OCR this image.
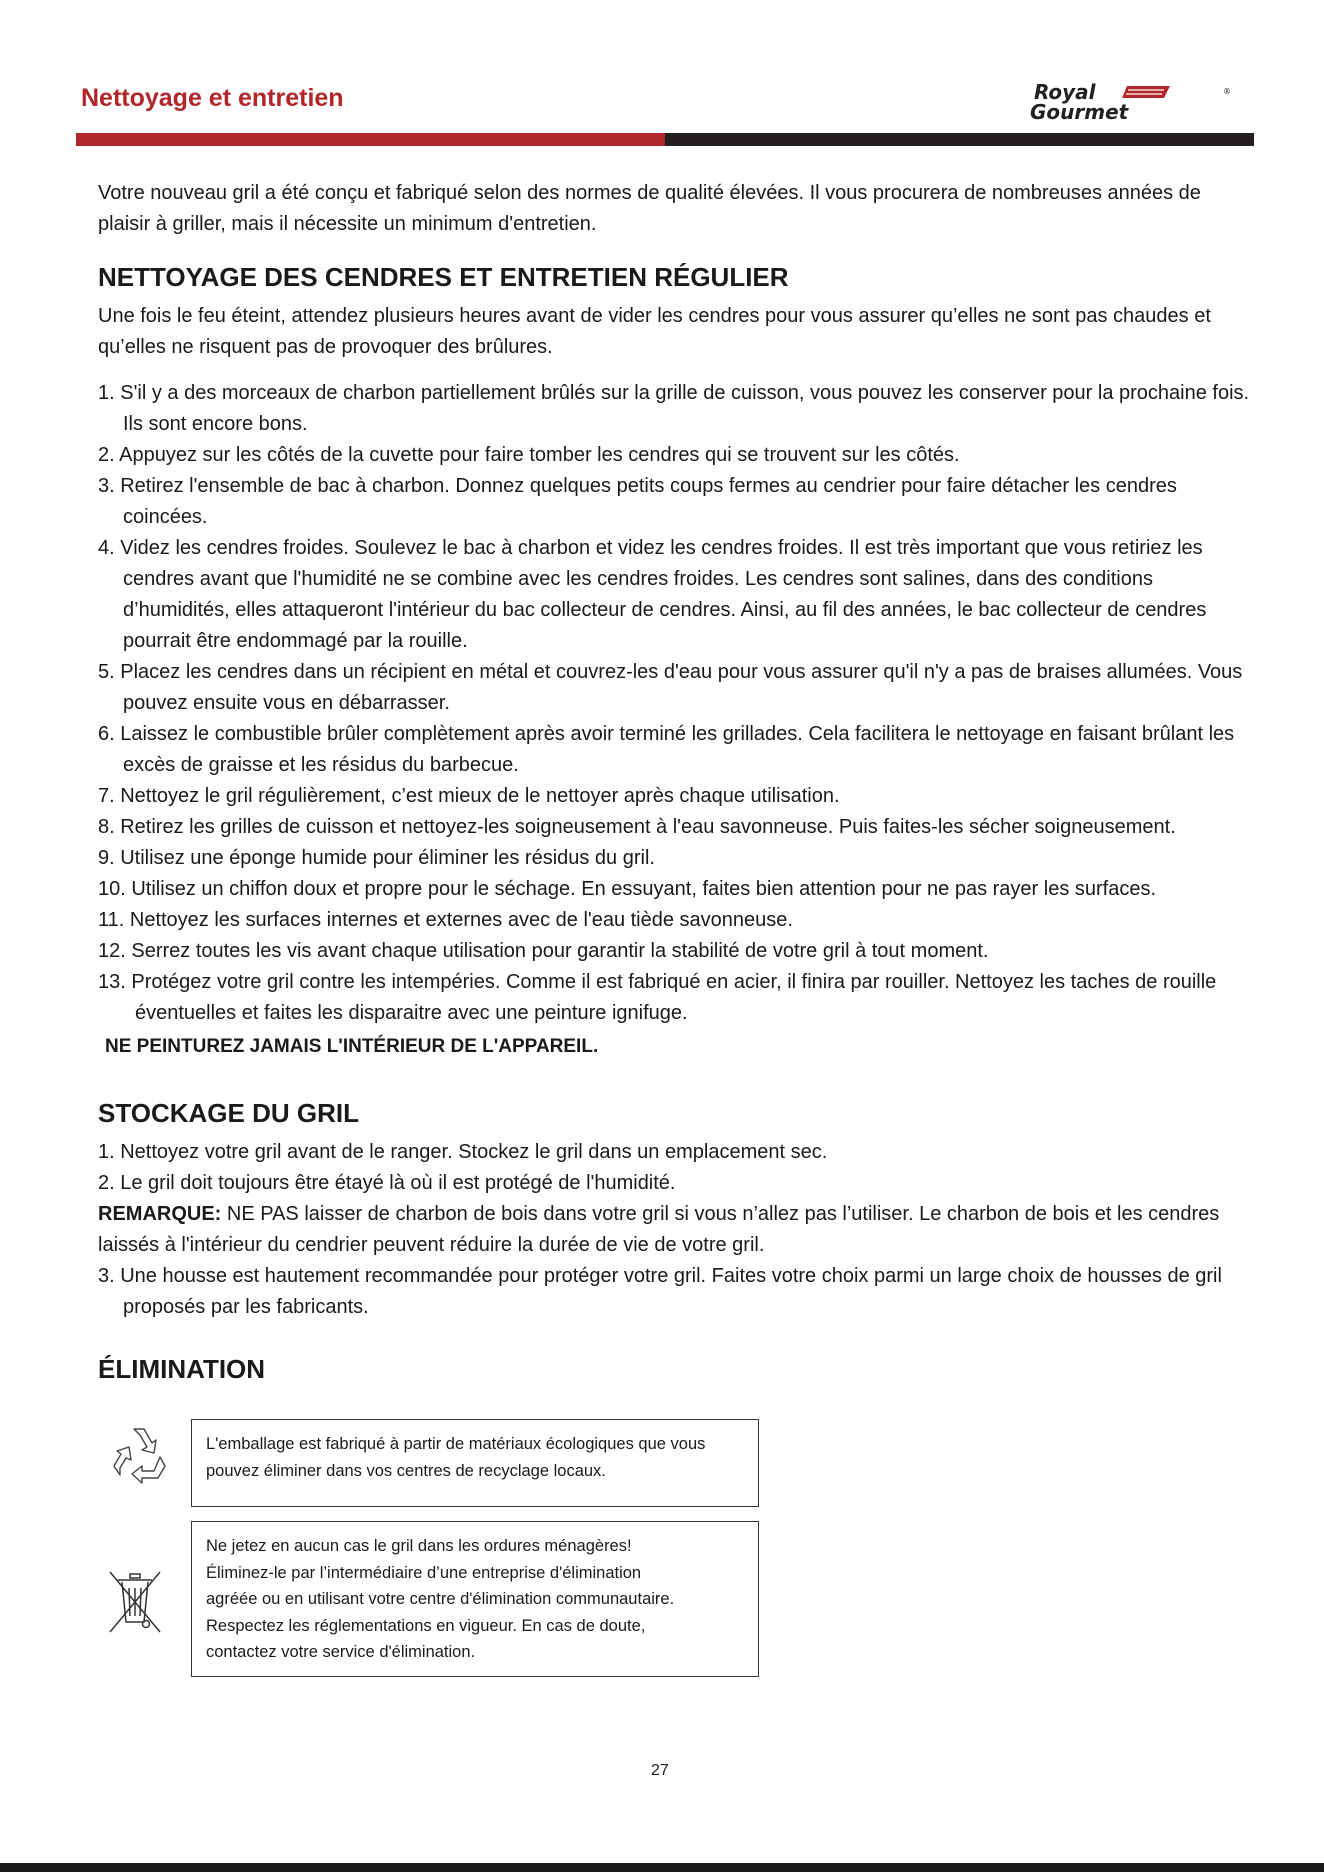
Nettoyage et entretien	Royal
Gourmet
®

Votre nouveau gril a été conçu et fabriqué selon des normes de qualité élevées. Il vous procurera de nombreuses années de plaisir à griller, mais il nécessite un minimum d'entretien.

NETTOYAGE DES CENDRES ET ENTRETIEN RÉGULIER

Une fois le feu éteint, attendez plusieurs heures avant de vider les cendres pour vous assurer qu’elles ne sont pas chaudes et qu’elles ne risquent pas de provoquer des brûlures.

1. S'il y a des morceaux de charbon partiellement brûlés sur la grille de cuisson, vous pouvez les conserver pour la prochaine fois. Ils sont encore bons.
2. Appuyez sur les côtés de la cuvette pour faire tomber les cendres qui se trouvent sur les côtés.
3. Retirez l'ensemble de bac à charbon. Donnez quelques petits coups fermes au cendrier pour faire détacher les cendres coincées.
4. Videz les cendres froides. Soulevez le bac à charbon et videz les cendres froides. Il est très important que vous retiriez les cendres avant que l'humidité ne se combine avec les cendres froides. Les cendres sont salines, dans des conditions d’humidités, elles attaqueront l'intérieur du bac collecteur de cendres. Ainsi, au fil des années, le bac collecteur de cendres pourrait être endommagé par la rouille.
5. Placez les cendres dans un récipient en métal et couvrez-les d'eau pour vous assurer qu'il n'y a pas de braises allumées. Vous pouvez ensuite vous en débarrasser.
6. Laissez le combustible brûler complètement après avoir terminé les grillades. Cela facilitera le nettoyage en faisant brûlant les excès de graisse et les résidus du barbecue.
7. Nettoyez le gril régulièrement, c’est mieux de le nettoyer après chaque utilisation.
8. Retirez les grilles de cuisson et nettoyez-les soigneusement à l'eau savonneuse. Puis faites-les sécher soigneusement.
9. Utilisez une éponge humide pour éliminer les résidus du gril.
10. Utilisez un chiffon doux et propre pour le séchage. En essuyant, faites bien attention pour ne pas rayer les surfaces.
11. Nettoyez les surfaces internes et externes avec de l'eau tiède savonneuse.
12. Serrez toutes les vis avant chaque utilisation pour garantir la stabilité de votre gril à tout moment.
13. Protégez votre gril contre les intempéries. Comme il est fabriqué en acier, il finira par rouiller. Nettoyez les taches de rouille éventuelles et faites les disparaitre avec une peinture ignifuge.

NE PEINTUREZ JAMAIS L'INTÉRIEUR DE L'APPAREIL.

STOCKAGE DU GRIL

1. Nettoyez votre gril avant de le ranger. Stockez le gril dans un emplacement sec.

2. Le gril doit toujours être étayé là où il est protégé de l'humidité.

REMARQUE: NE PAS laisser de charbon de bois dans votre gril si vous n’allez pas l’utiliser. Le charbon de bois et les cendres laissés à l'intérieur du cendrier peuvent réduire la durée de vie de votre gril.

3. Une housse est hautement recommandée pour protéger votre gril. Faites votre choix parmi un large choix de housses de gril proposés par les fabricants.

ÉLIMINATION
L'emballage est fabriqué à partir de matériaux écologiques que vous pouvez éliminer dans vos centres de recyclage locaux.
Ne jetez en aucun cas le gril dans les ordures ménagères!
Éliminez-le par l’intermédiaire d’une entreprise d'élimination
agréée ou en utilisant votre centre d'élimination communautaire.
Respectez les réglementations en vigueur. En cas de doute,
contactez votre service d'élimination.
27
